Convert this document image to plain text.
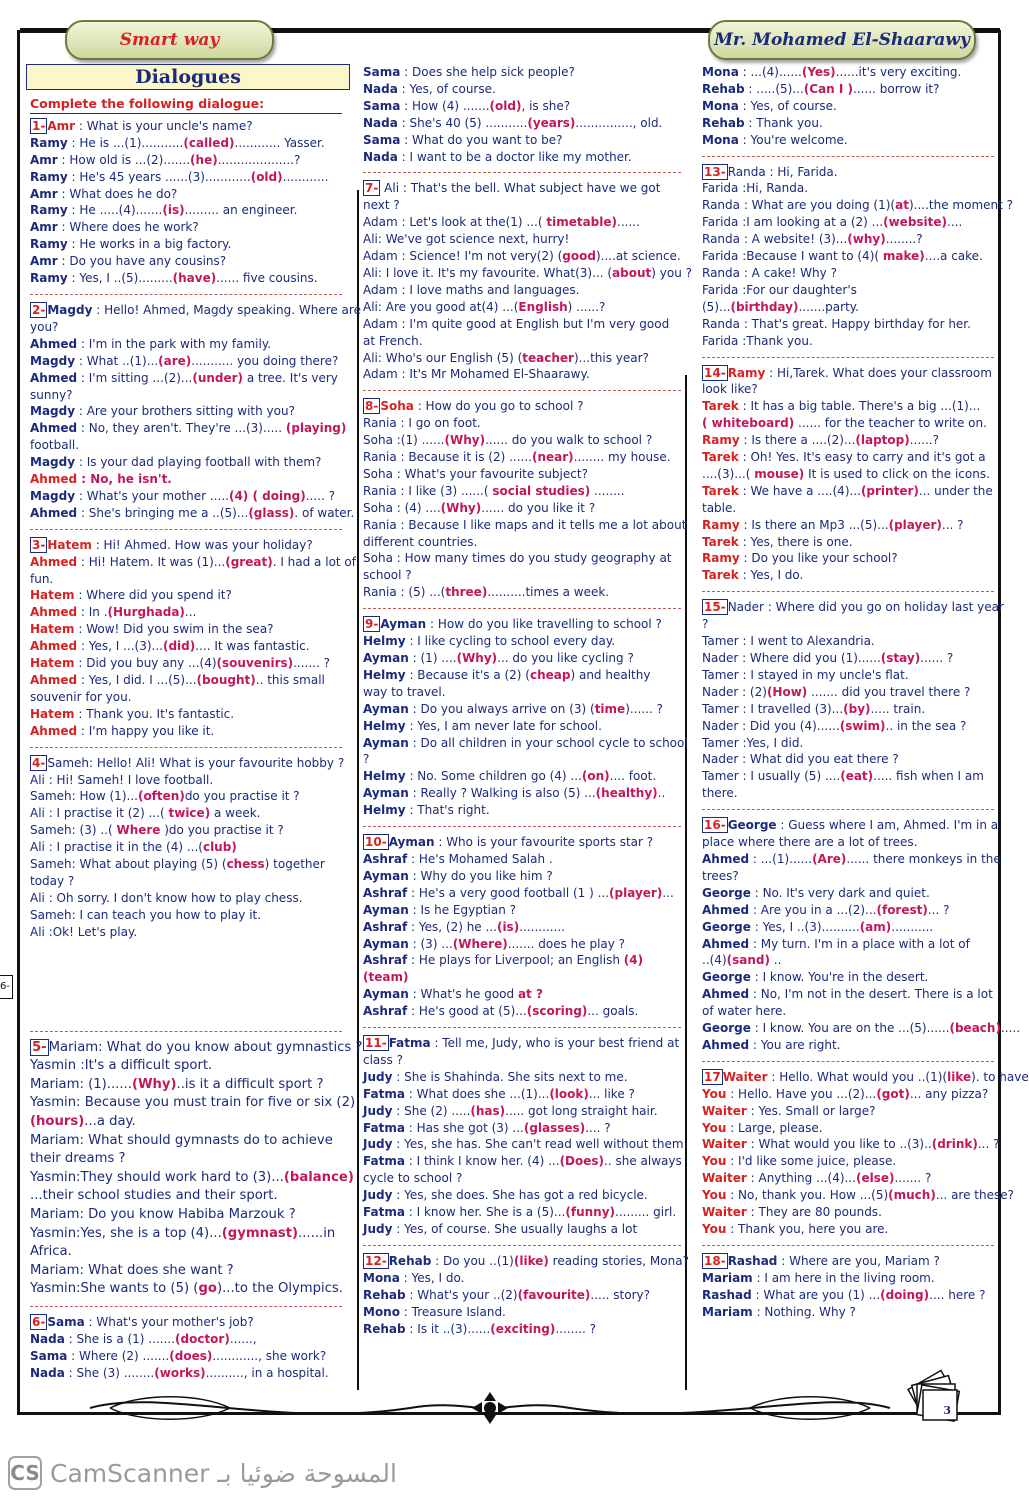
Smart way	Mr. Mohamed El-Shaarawy
6-
Dialogues
Complete the following dialogue:
1- Amr : What is your uncle's name?
Ramy : He is ...(1)...........(called)............ Yasser.
Amr : How old is ...(2).......(he)....................?
Ramy : He's 45 years ......(3)............(old)............
Amr : What does he do?
Ramy : He .....(4).......(is)......... an engineer.
Amr : Where does he work?
Ramy : He works in a big factory.
Amr : Do you have any cousins?
Ramy : Yes, I ..(5).........(have)...... five cousins.
2- Magdy : Hello! Ahmed, Magdy speaking. Where are
you?
Ahmed : I'm in the park with my family.
Magdy : What ..(1)...(are)........... you doing there?
Ahmed : I'm sitting ...(2)...(under) a tree. It's very
sunny?
Magdy : Are your brothers sitting with you?
Ahmed : No, they aren't. They're ...(3)..... (playing)
football.
Magdy : Is your dad playing football with them?
Ahmed : No, he isn't.
Magdy : What's your mother .....(4) ( doing)..... ?
Ahmed : She's bringing me a ..(5)...(glass). of water.
3- Hatem : Hi! Ahmed. How was your holiday?
Ahmed : Hi! Hatem. It was (1)...(great). I had a lot of
fun.
Hatem : Where did you spend it?
Ahmed : In .(Hurghada)...
Hatem : Wow! Did you swim in the sea?
Ahmed : Yes, I ...(3)...(did).... It was fantastic.
Hatem : Did you buy any ...(4)(souvenirs)....... ?
Ahmed : Yes, I did. I ...(5)...(bought).. this small
souvenir for you.
Hatem : Thank you. It's fantastic.
Ahmed : I'm happy you like it.
4- Sameh: Hello! Ali! What is your favourite hobby ?
Ali : Hi! Sameh! I love football.
Sameh: How (1)...(often)do you practise it ?
Ali : I practise it (2) ...( twice) a week.
Sameh: (3) ..( Where )do you practise it ?
Ali : I practise it in the (4) ...(club)
Sameh: What about playing (5) (chess) together
today ?
Ali : Oh sorry. I don't know how to play chess.
Sameh: I can teach you how to play it.
Ali :Ok! Let's play.
5- Mariam: What do you know about gymnastics ?
Yasmin :It's a difficult sport.
Mariam: (1)......(Why)..is it a difficult sport ?
Yasmin: Because you must train for five or six (2)
(hours)...a day.
Mariam: What should gymnasts do to achieve
their dreams ?
Yasmin:They should work hard to (3)...(balance)
...their school studies and their sport.
Mariam: Do you know Habiba Marzouk ?
Yasmin:Yes, she is a top (4)...(gymnast)......in
Africa.
Mariam: What does she want ?
Yasmin:She wants to (5) (go)...to the Olympics.
6- Sama : What's your mother's job?
Nada : She is a (1) .......(doctor)......,
Sama : Where (2) .......(does)............, she work?
Nada : She (3) ........(works).........., in a hospital.
Sama : Does she help sick people?
Nada : Yes, of course.
Sama : How (4) .......(old), is she?
Nada : She's 40 (5) ...........(years)..............., old.
Sama : What do you want to be?
Nada : I want to be a doctor like my mother.
7- Ali : That's the bell. What subject have we got
next ?
Adam : Let's look at the(1) ...( timetable)......
Ali: We've got science next, hurry!
Adam : Science! I'm not very(2) (good)....at science.
Ali: I love it. It's my favourite. What(3)... (about) you ?
Adam : I love maths and languages.
Ali: Are you good at(4) ...(English) ......?
Adam : I'm quite good at English but I'm very good
at French.
Ali: Who's our English (5) (teacher)...this year?
Adam : It's Mr Mohamed El-Shaarawy.
8- Soha : How do you go to school ?
Rania : I go on foot.
Soha :(1) ......(Why)...... do you walk to school ?
Rania : Because it is (2) ......(near)........ my house.
Soha : What's your favourite subject?
Rania : I like (3) ......( social studies) ........
Soha : (4) ....(Why)...... do you like it ?
Rania : Because I like maps and it tells me a lot about
different countries.
Soha : How many times do you study geography at
school ?
Rania : (5) ...(three)..........times a week.
9- Ayman : How do you like travelling to school ?
Helmy : I like cycling to school every day.
Ayman : (1) ....(Why)... do you like cycling ?
Helmy : Because it's a (2) (cheap) and healthy
way to travel.
Ayman : Do you always arrive on (3) (time)...... ?
Helmy : Yes, I am never late for school.
Ayman : Do all children in your school cycle to school
?
Helmy : No. Some children go (4) ...(on).... foot.
Ayman : Really ? Walking is also (5) ...(healthy)..
Helmy : That's right.
10- Ayman : Who is your favourite sports star ?
Ashraf : He's Mohamed Salah .
Ayman : Why do you like him ?
Ashraf : He's a very good football (1 ) ...(player)...
Ayman : Is he Egyptian ?
Ashraf : Yes, (2) he ...(is)............
Ayman : (3) ...(Where)....... does he play ?
Ashraf : He plays for Liverpool; an English (4)
(team)
Ayman : What's he good at ?
Ashraf : He's good at (5)...(scoring)... goals.
11- Fatma : Tell me, Judy, who is your best friend at
class ?
Judy : She is Shahinda. She sits next to me.
Fatma : What does she ...(1)...(look)... like ?
Judy : She (2) .....(has)..... got long straight hair.
Fatma : Has she got (3) ...(glasses).... ?
Judy : Yes, she has. She can't read well without them.
Fatma : I think I know her. (4) ...(Does).. she always
cycle to school ?
Judy : Yes, she does. She has got a red bicycle.
Fatma : I know her. She is a (5)...(funny)......... girl.
Judy : Yes, of course. She usually laughs a lot
12- Rehab : Do you ..(1)(like) reading stories, Mona?
Mona : Yes, I do.
Rehab : What's your ..(2)(favourite)..... story?
Mono : Treasure Island.
Rehab : Is it ..(3)......(exciting)........ ?
Mona : ...(4)......(Yes)......it's very exciting.
Rehab : .....(5)...(Can I )...... borrow it?
Mona : Yes, of course.
Rehab : Thank you.
Mona : You're welcome.
13- Randa : Hi, Farida.
Farida :Hi, Randa.
Randa : What are you doing (1)(at)....the moment ?
Farida :I am looking at a (2) ...(website)....
Randa : A website! (3)...(why)........?
Farida :Because I want to (4)( make)....a cake.
Randa : A cake! Why ?
Farida :For our daughter's
(5)...(birthday).......party.
Randa : That's great. Happy birthday for her.
Farida :Thank you.
14- Ramy : Hi,Tarek. What does your classroom
look like?
Tarek : It has a big table. There's a big ...(1)...
( whiteboard) ...... for the teacher to write on.
Ramy : Is there a ....(2)...(laptop)......?
Tarek : Oh! Yes. It's easy to carry and it's got a
....(3)...( mouse) It is used to click on the icons.
Tarek : We have a ....(4)...(printer)... under the
table.
Ramy : Is there an Mp3 ...(5)...(player)... ?
Tarek : Yes, there is one.
Ramy : Do you like your school?
Tarek : Yes, I do.
15- Nader : Where did you go on holiday last year
?
Tamer : I went to Alexandria.
Nader : Where did you (1)......(stay)...... ?
Tamer : I stayed in my uncle's flat.
Nader : (2)(How) ....... did you travel there ?
Tamer : I travelled (3)...(by)..... train.
Nader : Did you (4)......(swim).. in the sea ?
Tamer :Yes, I did.
Nader : What did you eat there ?
Tamer : I usually (5) ....(eat)..... fish when I am
there.
16- George : Guess where I am, Ahmed. I'm in a
place where there are a lot of trees.
Ahmed : ...(1)......(Are)...... there monkeys in the
trees?
George : No. It's very dark and quiet.
Ahmed : Are you in a ...(2)...(forest)... ?
George : Yes, I ..(3)..........(am)...........
Ahmed : My turn. I'm in a place with a lot of
..(4)(sand) ..
George : I know. You're in the desert.
Ahmed : No, I'm not in the desert. There is a lot
of water here.
George : I know. You are on the ...(5)......(beach).....
Ahmed : You are right.
17 Waiter : Hello. What would you ..(1)(like). to have
You : Hello. Have you ...(2)...(got)... any pizza?
Waiter : Yes. Small or large?
You : Large, please.
Waiter : What would you like to ..(3)..(drink)... ?
You : I'd like some juice, please.
Waiter : Anything ...(4)...(else)....... ?
You : No, thank you. How ...(5)(much)... are these?
Waiter : They are 80 pounds.
You : Thank you, here you are.
18- Rashad : Where are you, Mariam ?
Mariam : I am here in the living room.
Rashad : What are you (1) ...(doing).... here ?
Mariam : Nothing. Why ?
3
CS CamScanner المسوحة ضوئيا بـ
